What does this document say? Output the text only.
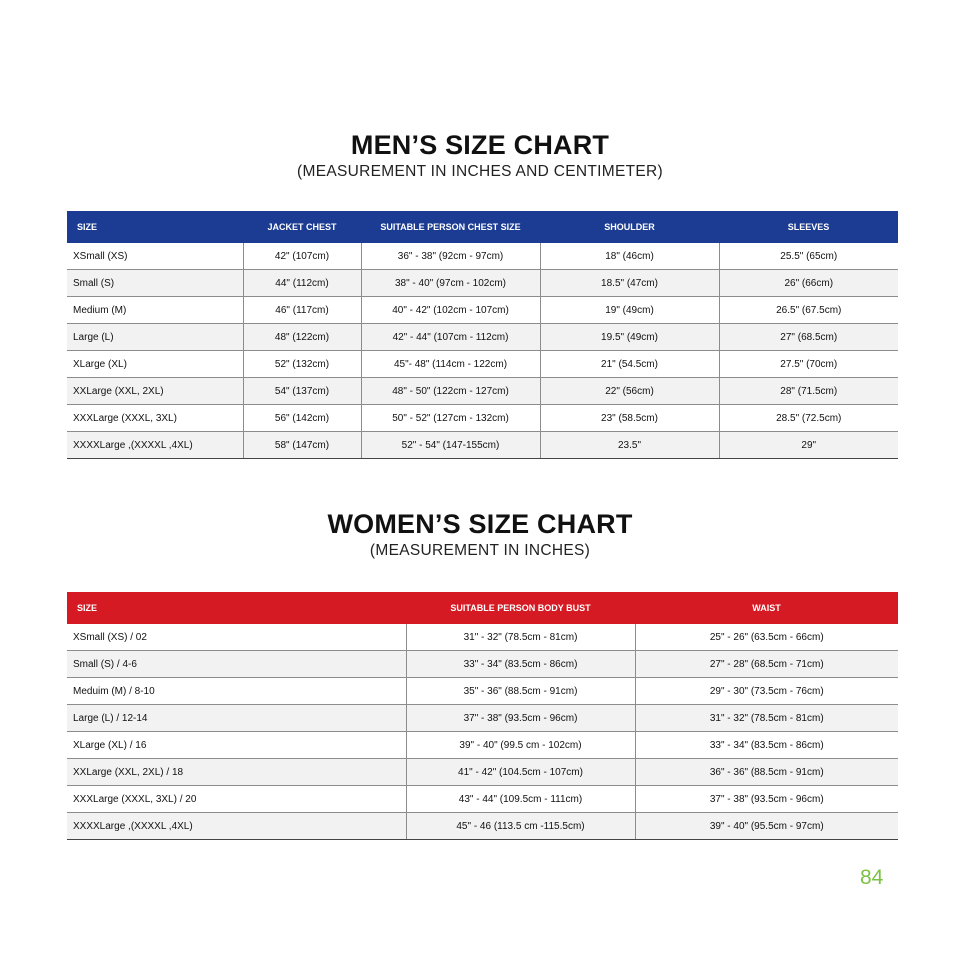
MEN’S SIZE CHART
(MEASUREMENT IN INCHES AND CENTIMETER)
SIZE	JACKET CHEST	SUITABLE PERSON CHEST SIZE	SHOULDER	SLEEVES
XSmall (XS)	42" (107cm)	36" - 38" (92cm - 97cm)	18" (46cm)	25.5" (65cm)
Small (S)	44" (112cm)	38" - 40" (97cm - 102cm)	18.5" (47cm)	26" (66cm)
Medium (M)	46" (117cm)	40" - 42" (102cm - 107cm)	19" (49cm)	26.5" (67.5cm)
Large (L)	48" (122cm)	42" - 44" (107cm - 112cm)	19.5" (49cm)	27" (68.5cm)
XLarge (XL)	52" (132cm)	45"- 48" (114cm - 122cm)	21" (54.5cm)	27.5" (70cm)
XXLarge (XXL, 2XL)	54" (137cm)	48" - 50" (122cm - 127cm)	22" (56cm)	28" (71.5cm)
XXXLarge (XXXL, 3XL)	56" (142cm)	50" - 52" (127cm - 132cm)	23" (58.5cm)	28.5" (72.5cm)
XXXXLarge ,(XXXXL ,4XL)	58" (147cm)	52" - 54" (147-155cm)	23.5"	29"
WOMEN’S SIZE CHART
(MEASUREMENT IN INCHES)
SIZE	SUITABLE PERSON BODY BUST	WAIST
XSmall (XS) / 02	31" - 32" (78.5cm - 81cm)	25" - 26" (63.5cm - 66cm)
Small (S) / 4-6	33" - 34" (83.5cm - 86cm)	27" - 28" (68.5cm - 71cm)
Meduim (M) / 8-10	35" - 36" (88.5cm - 91cm)	29" - 30" (73.5cm - 76cm)
Large (L) / 12-14	37" - 38" (93.5cm - 96cm)	31" - 32" (78.5cm - 81cm)
XLarge (XL) / 16	39" - 40" (99.5 cm - 102cm)	33" - 34" (83.5cm - 86cm)
XXLarge (XXL, 2XL) / 18	41" - 42" (104.5cm - 107cm)	36" - 36" (88.5cm - 91cm)
XXXLarge (XXXL, 3XL) / 20	43" - 44" (109.5cm - 111cm)	37" - 38" (93.5cm - 96cm)
XXXXLarge ,(XXXXL ,4XL)	45" - 46 (113.5 cm -115.5cm)	39" - 40" (95.5cm - 97cm)
84
